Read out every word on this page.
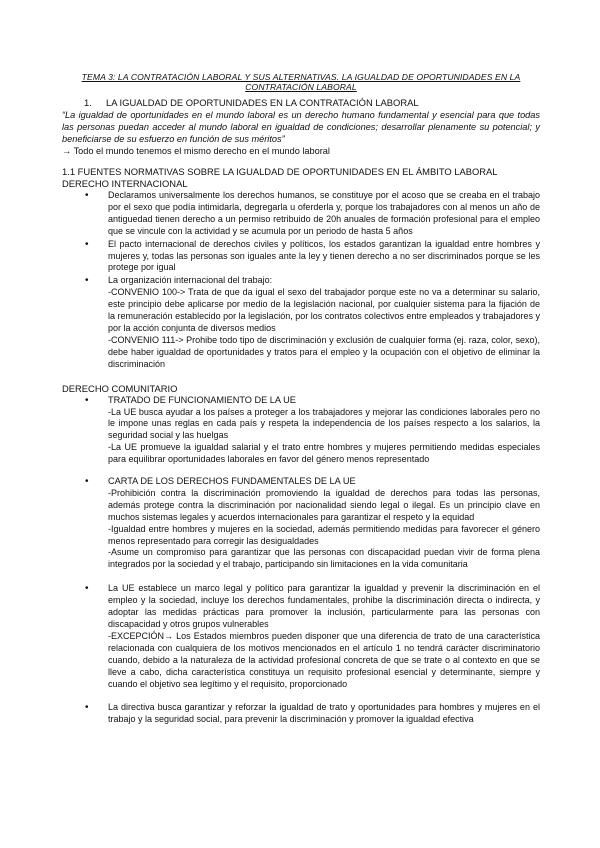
TEMA 3: LA CONTRATACIÓN LABORAL Y SUS ALTERNATIVAS. LA IGUALDAD DE OPORTUNIDADES EN LA CONTRATACIÓN LABORAL

1. LA IGUALDAD DE OPORTUNIDADES EN LA CONTRATACIÓN LABORAL

“La igualdad de oportunidades en el mundo laboral es un derecho humano fundamental y esencial para que todas las personas puedan acceder al mundo laboral en igualdad de condiciones; desarrollar plenamente su potencial; y beneficiarse de su esfuerzo en función de sus méritos”

→ Todo el mundo tenemos el mismo derecho en el mundo laboral

1.1 FUENTES NORMATIVAS SOBRE LA IGUALDAD DE OPORTUNIDADES EN EL ÁMBITO LABORAL

DERECHO INTERNACIONAL

• Declaramos universalmente los derechos humanos, se constituye por el acoso que se creaba en el trabajo por el sexo que podía intimidarla, degregarla u oferderla y, porque los trabajadores con al menos un año de antiguedad tienen derecho a un permiso retribuido de 20h anuales de formación profesional para el empleo que se vincule con la actividad y se acumula por un periodo de hasta 5 años
• El pacto internacional de derechos civiles y políticos, los estados garantizan la igualdad entre hombres y mujeres y, todas las personas son iguales ante la ley y tienen derecho a no ser discriminados porque se les protege por igual
• La organización internacional del trabajo:
-CONVENIO 100-> Trata de que da igual el sexo del trabajador porque este no va a determinar su salario, este principio debe aplicarse por medio de la legislación nacional, por cualquier sistema para la fijación de la remuneración establecido por la legislación, por los contratos colectivos entre empleados y trabajadores y por la acción conjunta de diversos medios
-CONVENIO 111-> Prohibe todo tipo de discriminación y exclusión de cualquier forma (ej. raza, color, sexo), debe haber igualdad de oportunidades y tratos para el empleo y la ocupación con el objetivo de eliminar la discriminación

DERECHO COMUNITARIO

• TRATADO DE FUNCIONAMIENTO DE LA UE
-La UE busca ayudar a los países a proteger a los trabajadores y mejorar las condiciones laborales pero no le impone unas reglas en cada país y respeta la independencia de los países respecto a los salarios, la seguridad social y las huelgas
-La UE promueve la igualdad salarial y el trato entre hombres y mujeres permitiendo medidas especiales para equilibrar oportunidades laborales en favor del género menos representado
• CARTA DE LOS DERECHOS FUNDAMENTALES DE LA UE
-Prohibición contra la discriminación promoviendo la igualdad de derechos para todas las personas, además protege contra la discriminación por nacionalidad siendo legal o ilegal. Es un principio clave en muchos sistemas legales y acuerdos internacionales para garantizar el respeto y la equidad
-Igualdad entre hombres y mujeres en la sociedad, además permitiendo medidas para favorecer el género menos representado para corregir las desigualdades
-Asume un compromiso para garantizar que las personas con discapacidad puedan vivir de forma plena integrados por la sociedad y el trabajo, participando sin limitaciones en la vida comunitaria
• La UE establece un marco legal y político para garantizar la igualdad y prevenir la discriminación en el empleo y la sociedad, incluye los derechos fundamentales, prohibe la discriminación directa o indirecta, y adoptar las medidas prácticas para promover la inclusión, particularmente para las personas con discapacidad y otros grupos vulnerables
-EXCEPCIÓN→ Los Estados miembros pueden disponer que una diferencia de trato de una característica relacionada con cualquiera de los motivos mencionados en el artículo 1 no tendrá carácter discriminatorio cuando, debido a la naturaleza de la actividad profesional concreta de que se trate o al contexto en que se lleve a cabo, dicha característica constituya un requisito profesional esencial y determinante, siempre y cuando el objetivo sea legítimo y el requisito, proporcionado
• La directiva busca garantizar y reforzar la igualdad de trato y oportunidades para hombres y mujeres en el trabajo y la seguridad social, para prevenir la discriminación y promover la igualdad efectiva
